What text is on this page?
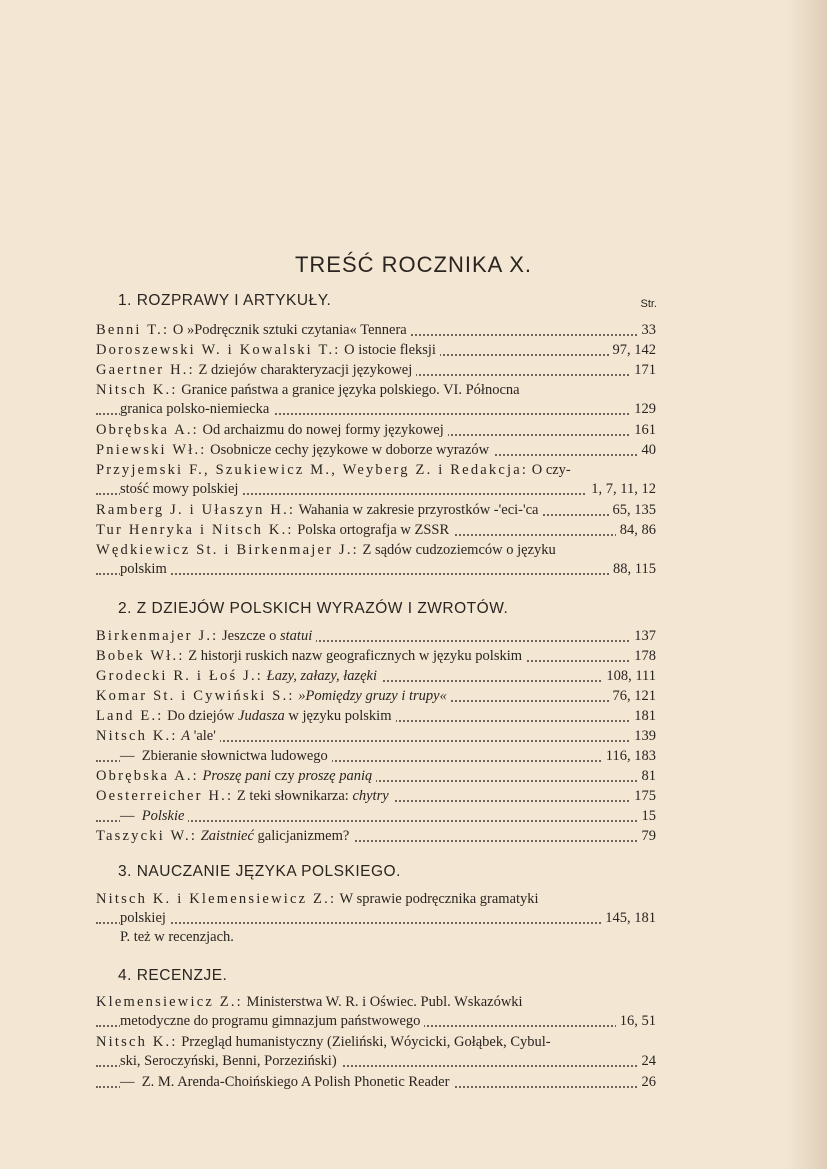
TREŚĆ ROCZNIKA X.
1. ROZPRAWY I ARTYKUŁY.	Str.
Benni T.: O »Podręcznik sztuki czytania« Tennera	33
Doroszewski W. i Kowalski T.: O istocie fleksji	97, 142
Gaertner H.: Z dziejów charakteryzacji językowej	171
Nitsch K.: Granice państwa a granice języka polskiego. VI. Północna
granica polsko-niemiecka	129
Obrębska A.: Od archaizmu do nowej formy językowej	161
Pniewski Wł.: Osobnicze cechy językowe w doborze wyrazów	40
Przyjemski F., Szukiewicz M., Weyberg Z. i Redakcja: O czy-
stość mowy polskiej	1, 7, 11, 12
Ramberg J. i Ułaszyn H.: Wahania w zakresie przyrostków -'eci-'ca	65, 135
Tur Henryka i Nitsch K.: Polska ortografja w ZSSR	84, 86
Wędkiewicz St. i Birkenmajer J.: Z sądów cudzoziemców o języku
polskim	88, 115
2. Z DZIEJÓW POLSKICH WYRAZÓW I ZWROTÓW.
Birkenmajer J.: Jeszcze o statui	137
Bobek Wł.: Z historji ruskich nazw geograficznych w języku polskim	178
Grodecki R. i Łoś J.: Łazy, załazy, łazęki	108, 111
Komar St. i Cywiński S.: »Pomiędzy gruzy i trupy«	76, 121
Land E.: Do dziejów Judasza w języku polskim	181
Nitsch K.: A 'ale'	139
— Zbieranie słownictwa ludowego	116, 183
Obrębska A.: Proszę pani czy proszę panią	81
Oesterreicher H.: Z teki słownikarza: chytry	175
— Polskie	15
Taszycki W.: Zaistnieć galicjanizmem?	79
3. NAUCZANIE JĘZYKA POLSKIEGO.
Nitsch K. i Klemensiewicz Z.: W sprawie podręcznika gramatyki
polskiej	145, 181
P. też w recenzjach.
4. RECENZJE.
Klemensiewicz Z.: Ministerstwa W. R. i Oświec. Publ. Wskazówki
metodyczne do programu gimnazjum państwowego	16, 51
Nitsch K.: Przegląd humanistyczny (Zieliński, Wóycicki, Gołąbek, Cybul-
ski, Seroczyński, Benni, Porzeziński)	24
— Z. M. Arenda-Choińskiego A Polish Phonetic Reader	26
